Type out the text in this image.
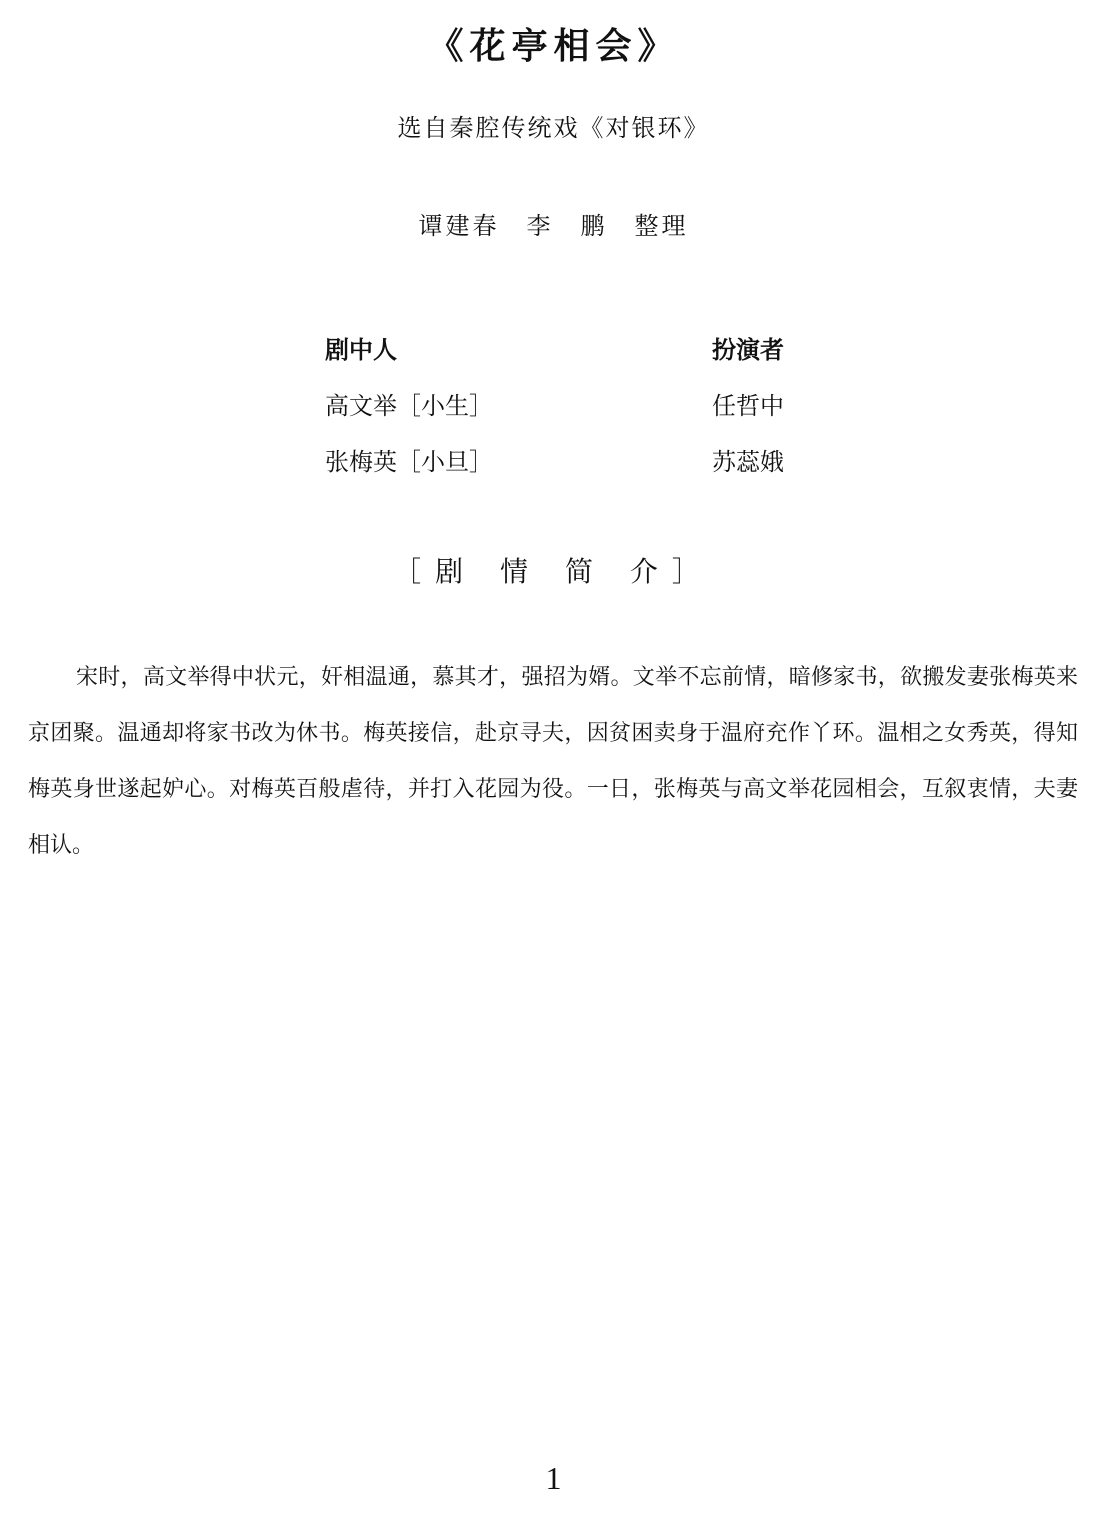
《花亭相会》
选自秦腔传统戏《对银环》
谭建春　李　鹏　整理
剧中人	扮演者
高文举［小生］	任哲中
张梅英［小旦］	苏蕊娥
［剧 情 简 介］
宋时，高文举得中状元，奸相温通，慕其才，强招为婿。文举不忘前情，暗修家书，欲搬发妻张梅英来京团聚。温通却将家书改为休书。梅英接信，赴京寻夫，因贫困卖身于温府充作丫环。温相之女秀英，得知梅英身世遂起妒心。对梅英百般虐待，并打入花园为役。一日，张梅英与高文举花园相会，互叙衷情，夫妻相认。
1
